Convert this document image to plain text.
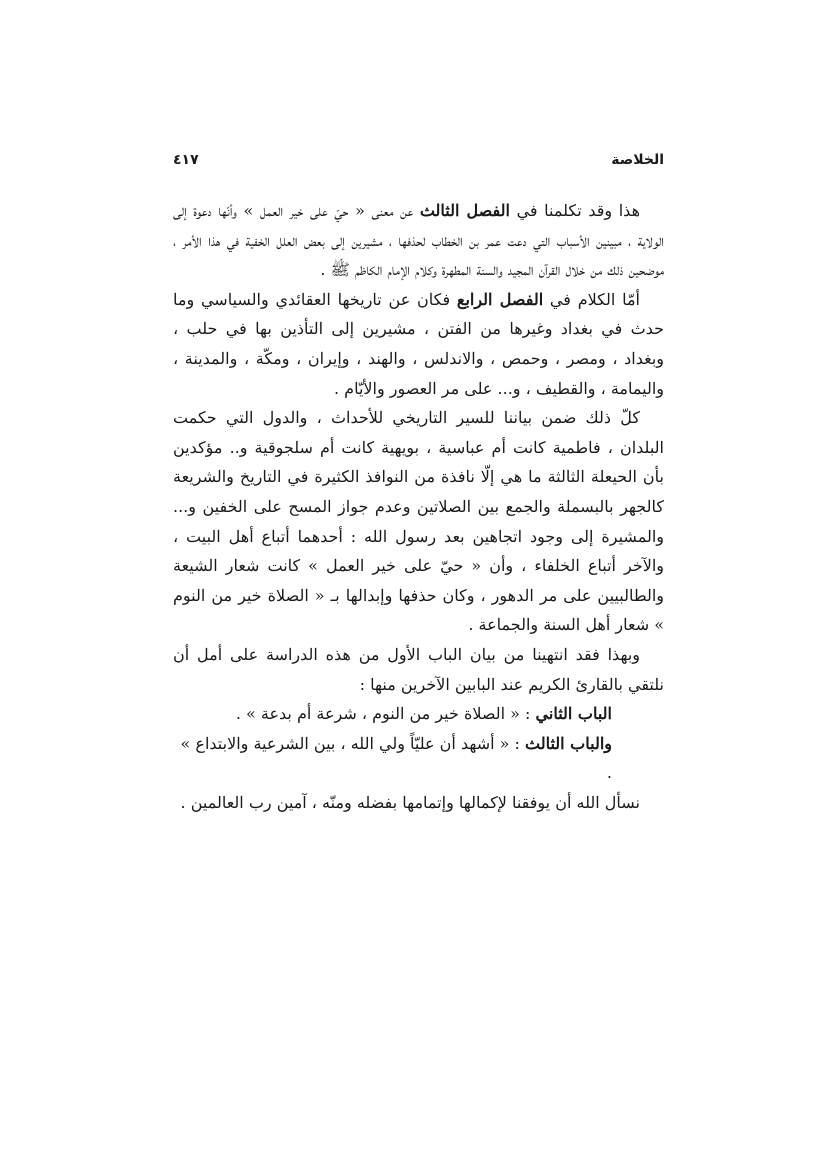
الخلاصة
٤١٧

هذا وقد تكلمنا في الفصل الثالث عن معنى « حيّ على خير العمل » وأنّها دعوة إلى الولاية ، مبينين الأسباب التي دعت عمر بن الخطاب لحذفها ، مشيرين إلى بعض العلل الخفية في هذا الأمر ، موضحين ذلك من خلال القرآن المجيد والسنة المطهرة وكلام الإمام الكاظم ﷺ .

أمّا الكلام في الفصل الرابع فكان عن تاريخها العقائدي والسياسي وما حدث في بغداد وغيرها من الفتن ، مشيرين إلى التأذين بها في حلب ، وبغداد ، ومصر ، وحمص ، والاندلس ، والهند ، وإيران ، ومكّة ، والمدينة ، واليمامة ، والقطيف ، و... على مر العصور والأيّام .

كلّ ذلك ضمن بياننا للسير التاريخي للأحداث ، والدول التي حكمت البلدان ، فاطمية كانت أم عباسية ، بويهية كانت أم سلجوقية و.. مؤكدين بأن الحيعلة الثالثة ما هي إلّا نافذة من النوافذ الكثيرة في التاريخ والشريعة كالجهر بالبسملة والجمع بين الصلاتين وعدم جواز المسح على الخفين و... والمشيرة إلى وجود اتجاهين بعد رسول الله : أحدهما أتباع أهل البيت ، والآخر أتباع الخلفاء ، وأن « حيّ على خير العمل » كانت شعار الشيعة والطالبيين على مر الدهور ، وكان حذفها وإبدالها بـ « الصلاة خير من النوم » شعار أهل السنة والجماعة .

وبهذا فقد انتهينا من بيان الباب الأول من هذه الدراسة على أمل أن نلتقي بالقارئ الكريم عند البابين الآخرين منها :

الباب الثاني : « الصلاة خير من النوم ، شرعة أم بدعة » .

والباب الثالث : « أشهد أن عليّاً ولي الله ، بين الشرعية والابتداع » .

نسأل الله أن يوفقنا لإكمالها وإتمامها بفضله ومنّه ، آمين رب العالمين .
